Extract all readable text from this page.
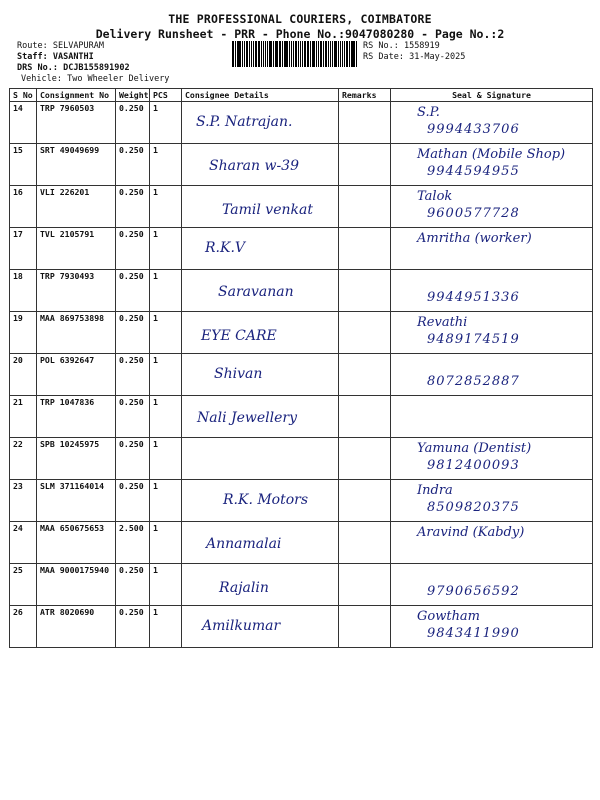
THE PROFESSIONAL COURIERS, COIMBATORE
Delivery Runsheet - PRR - Phone No.:9047080280 - Page No.:2
Route: SELVAPURAM
Staff: VASANTHI
DRS No.: DCJB155891902
Vehicle: Two Wheeler Delivery
RS No.: 1558919
RS Date: 31-May-2025
S No	Consignment No	Weight	PCS	Consignee Details	Remarks	Seal & Signature
14	TRP 7960503	0.250	1	S.P. Natrajan.		S.P.
9994433706

15	SRT 49049699	0.250	1	Sharan w-39		Mathan (Mobile Shop)
9944594955

16	VLI 226201	0.250	1	Tamil venkat		Talok
9600577728

17	TVL 2105791	0.250	1	R.K.V		Amritha (worker)

18	TRP 7930493	0.250	1	Saravanan		9944951336

19	MAA 869753898	0.250	1	EYE CARE		Revathi
9489174519

20	POL 6392647	0.250	1	Shivan		8072852887

21	TRP 1047836	0.250	1	Nali Jewellery		

22	SPB 10245975	0.250	1			Yamuna (Dentist)
9812400093

23	SLM 371164014	0.250	1	R.K. Motors		Indra
8509820375

24	MAA 650675653	2.500	1	Annamalai		Aravind (Kabdy)

25	MAA 9000175940	0.250	1	Rajalin		9790656592

26	ATR 8020690	0.250	1	Amilkumar		Gowtham
9843411990
